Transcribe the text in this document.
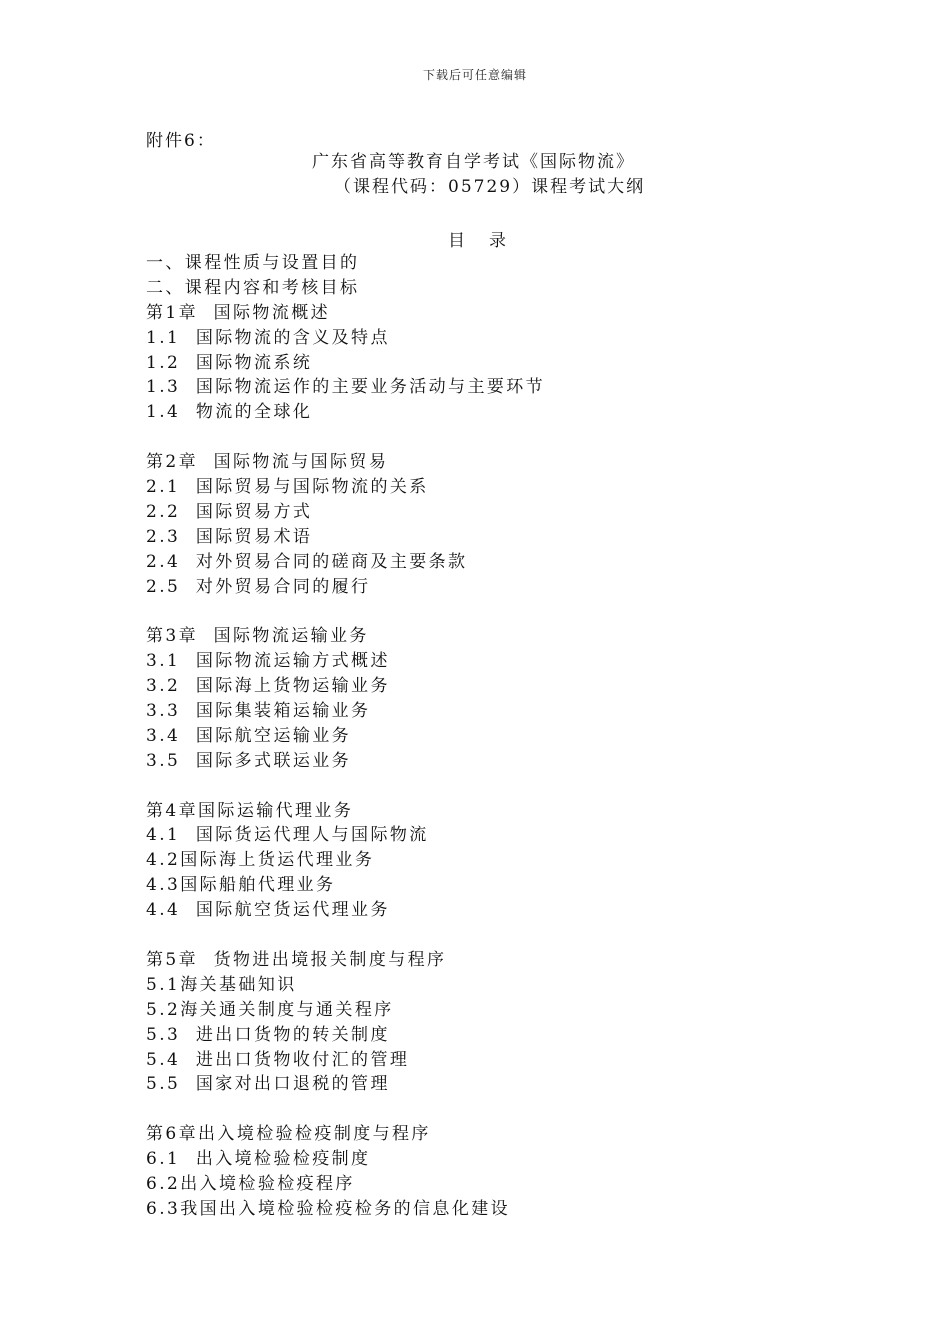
下载后可任意编辑
附件6：
广东省高等教育自学考试《国际物流》
（课程代码：05729）课程考试大纲
目 录
一、课程性质与设置目的
二、课程内容和考核目标
第1章  国际物流概述
1.1  国际物流的含义及特点
1.2  国际物流系统
1.3  国际物流运作的主要业务活动与主要环节
1.4  物流的全球化
第2章  国际物流与国际贸易
2.1  国际贸易与国际物流的关系
2.2  国际贸易方式
2.3  国际贸易术语
2.4  对外贸易合同的磋商及主要条款
2.5  对外贸易合同的履行
第3章  国际物流运输业务
3.1  国际物流运输方式概述
3.2  国际海上货物运输业务
3.3  国际集装箱运输业务
3.4  国际航空运输业务
3.5  国际多式联运业务
第4章国际运输代理业务
4.1  国际货运代理人与国际物流
4.2国际海上货运代理业务
4.3国际船舶代理业务
4.4  国际航空货运代理业务
第5章  货物进出境报关制度与程序
5.1海关基础知识
5.2海关通关制度与通关程序
5.3  进出口货物的转关制度
5.4  进出口货物收付汇的管理
5.5  国家对出口退税的管理
第6章出入境检验检疫制度与程序
6.1  出入境检验检疫制度
6.2出入境检验检疫程序
6.3我国出入境检验检疫检务的信息化建设
